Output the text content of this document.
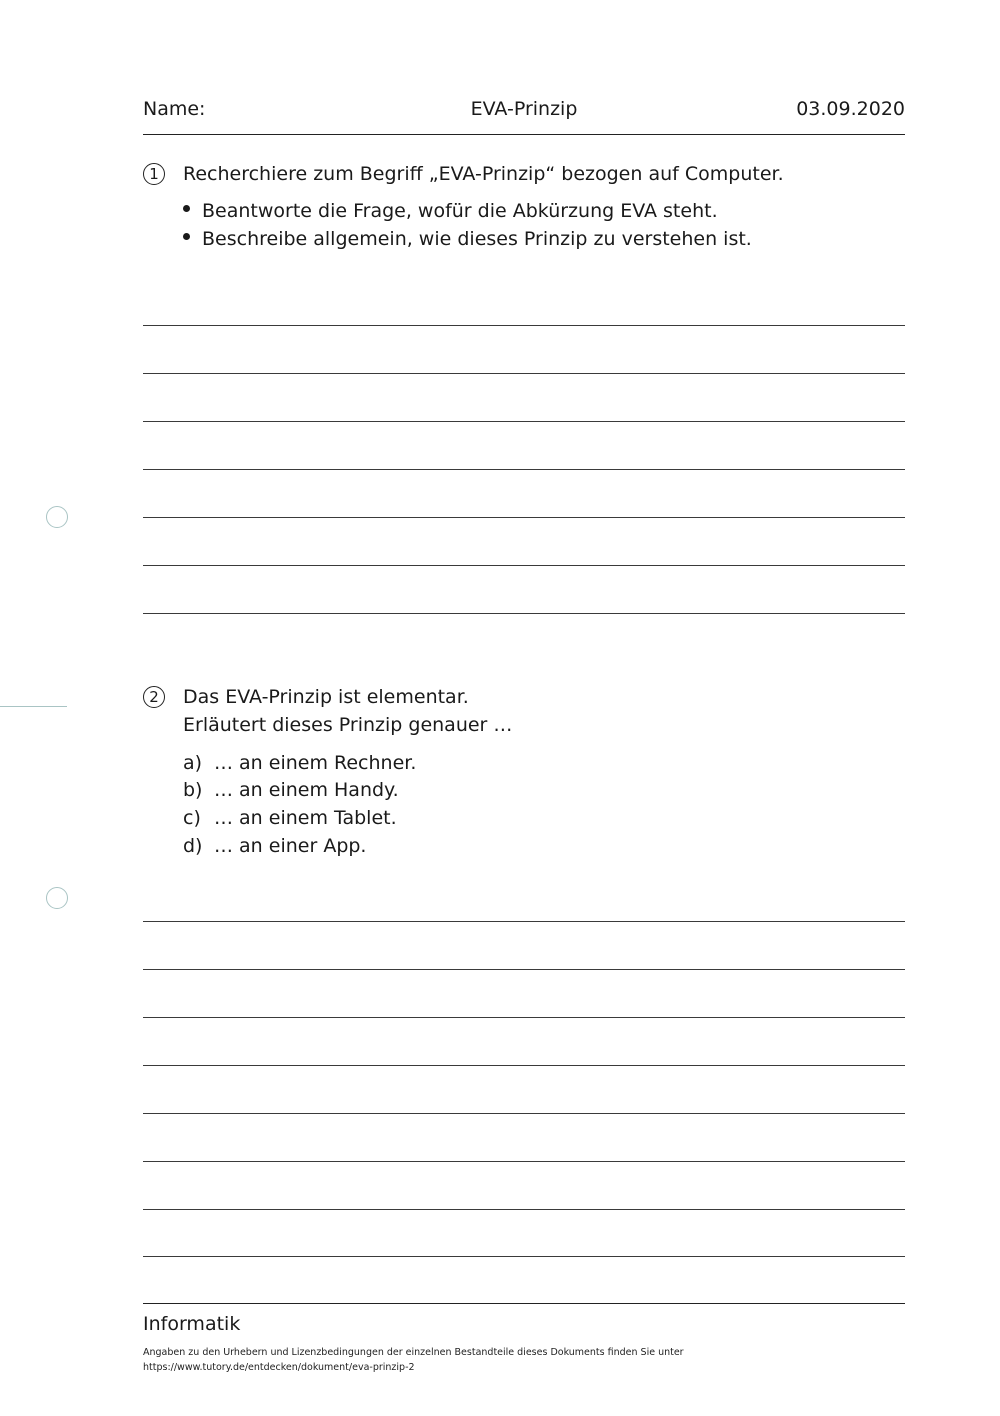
Name:	EVA-Prinzip	03.09.2020
1	Recherchiere zum Begriff „EVA-Prinzip“ bezogen auf Computer.
Beantworte die Frage, wofür die Abkürzung EVA steht.
Beschreibe allgemein, wie dieses Prinzip zu verstehen ist.
2	Das EVA-Prinzip ist elementar.
Erläutert dieses Prinzip genauer …
a) … an einem Rechner.
b) … an einem Handy.
c) … an einem Tablet.
d) … an einer App.
Informatik
Angaben zu den Urhebern und Lizenzbedingungen der einzelnen Bestandteile dieses Dokuments finden Sie unter
https://www.tutory.de/entdecken/dokument/eva-prinzip-2
